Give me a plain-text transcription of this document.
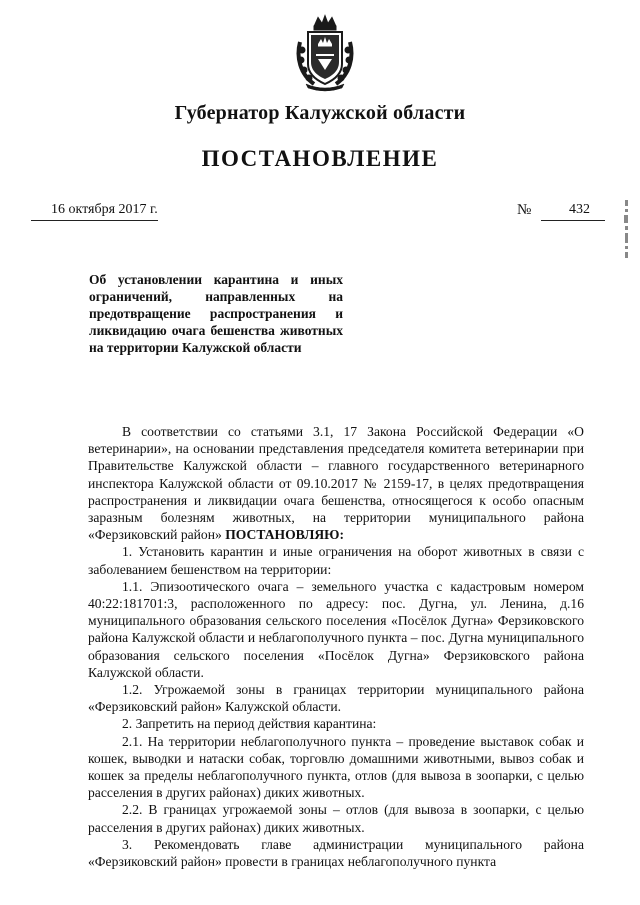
Губернатор Калужской области
ПОСТАНОВЛЕНИЕ
16 октября 2017 г.	№	432
Об установлении карантина и иных ограничений, направленных на предотвращение распространения и ликвидацию очага бешенства животных на территории Калужской области

В соответствии со статьями 3.1, 17 Закона Российской Федерации «О ветеринарии», на основании представления председателя комитета ветеринарии при Правительстве Калужской области – главного государственного ветеринарного инспектора Калужской области от 09.10.2017 № 2159-17, в целях предотвращения распространения и ликвидации очага бешенства, относящегося к особо опасным заразным болезням животных, на территории муниципального района «Ферзиковский район» ПОСТАНОВЛЯЮ:

1. Установить карантин и иные ограничения на оборот животных в связи с заболеванием бешенством на территории:

1.1. Эпизоотического очага – земельного участка с кадастровым номером 40:22:181701:3, расположенного по адресу: пос. Дугна, ул. Ленина, д.16 муниципального образования сельского поселения «Посёлок Дугна» Ферзиковского района Калужской области и неблагополучного пункта – пос. Дугна муниципального образования сельского поселения «Посёлок Дугна» Ферзиковского района Калужской области.

1.2. Угрожаемой зоны в границах территории муниципального района «Ферзиковский район» Калужской области.

2. Запретить на период действия карантина:

2.1. На территории неблагополучного пункта – проведение выставок собак и кошек, выводки и натаски собак, торговлю домашними животными, вывоз собак и кошек за пределы неблагополучного пункта, отлов (для вывоза в зоопарки, с целью расселения в других районах) диких животных.

2.2. В границах угрожаемой зоны – отлов (для вывоза в зоопарки, с целью расселения в других районах) диких животных.

3. Рекомендовать главе администрации муниципального района «Ферзиковский район» провести в границах неблагополучного пункта
